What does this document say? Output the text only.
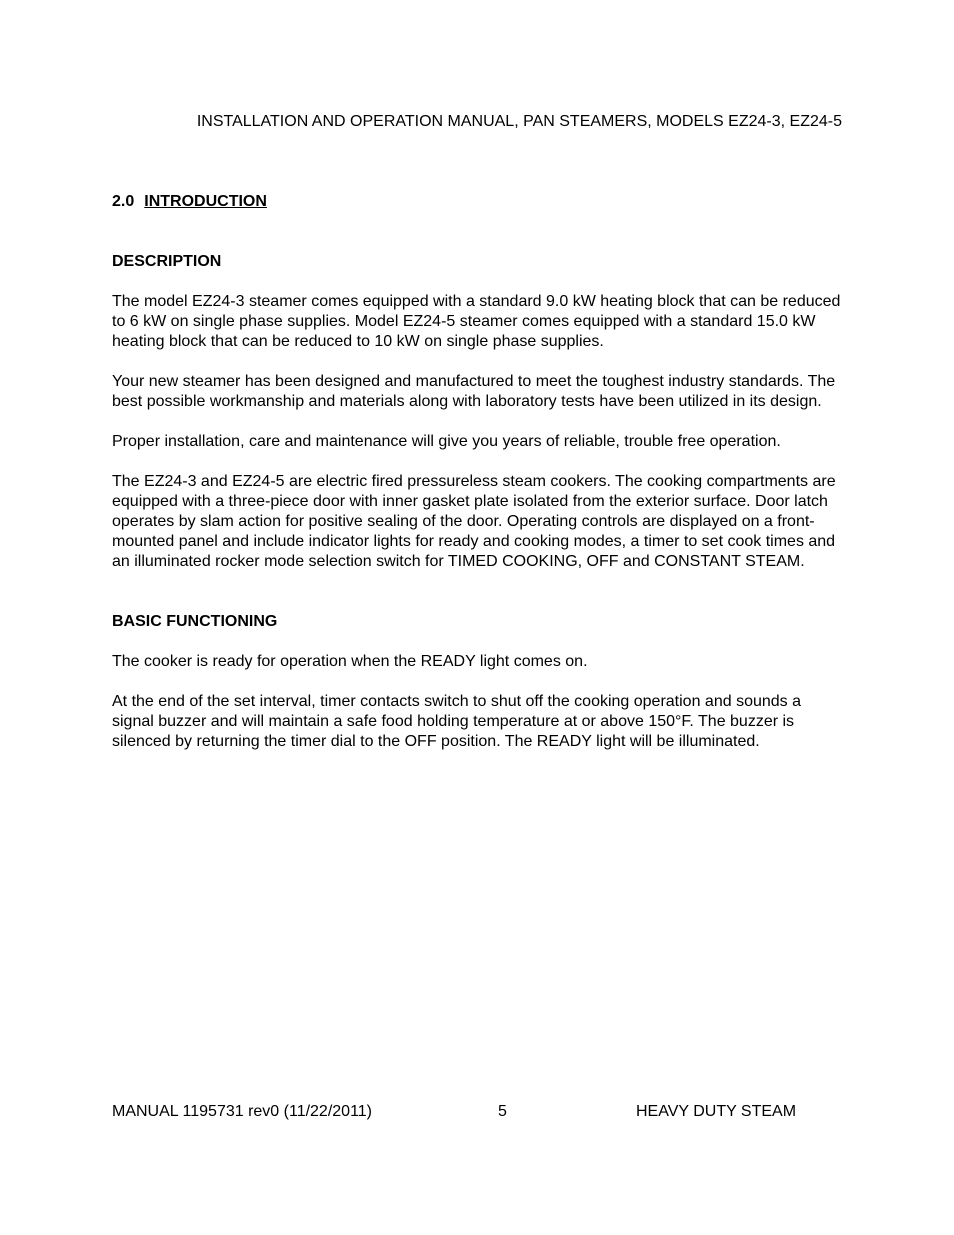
INSTALLATION AND OPERATION MANUAL, PAN STEAMERS, MODELS EZ24-3, EZ24-5

2.0 INTRODUCTION

DESCRIPTION

The model EZ24-3 steamer comes equipped with a standard 9.0 kW heating block that can be reduced to 6 kW on single phase supplies. Model EZ24-5 steamer comes equipped with a standard 15.0 kW heating block that can be reduced to 10 kW on single phase supplies.

Your new steamer has been designed and manufactured to meet the toughest industry standards. The best possible workmanship and materials along with laboratory tests have been utilized in its design.

Proper installation, care and maintenance will give you years of reliable, trouble free operation.

The EZ24-3 and EZ24-5 are electric fired pressureless steam cookers. The cooking compartments are equipped with a three-piece door with inner gasket plate isolated from the exterior surface. Door latch operates by slam action for positive sealing of the door. Operating controls are displayed on a front-mounted panel and include indicator lights for ready and cooking modes, a timer to set cook times and an illuminated rocker mode selection switch for TIMED COOKING, OFF and CONSTANT STEAM.

BASIC FUNCTIONING

The cooker is ready for operation when the READY light comes on.

At the end of the set interval, timer contacts switch to shut off the cooking operation and sounds a signal buzzer and will maintain a safe food holding temperature at or above 150°F. The buzzer is silenced by returning the timer dial to the OFF position. The READY light will be illuminated.

MANUAL 1195731 rev0 (11/22/2011)	5	HEAVY DUTY STEAM
